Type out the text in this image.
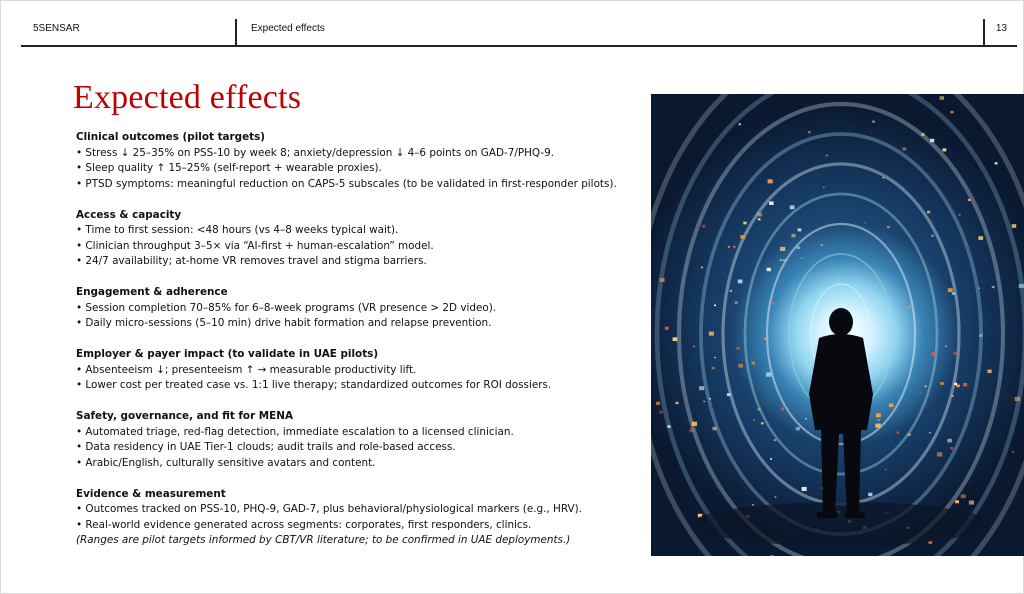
5SENSAR	Expected effects	13
Expected effects
Clinical outcomes (pilot targets)
• Stress ↓ 25–35% on PSS-10 by week 8; anxiety/depression ↓ 4–6 points on GAD-7/PHQ-9.
• Sleep quality ↑ 15–25% (self-report + wearable proxies).
• PTSD symptoms: meaningful reduction on CAPS-5 subscales (to be validated in first-responder pilots).
Access & capacity
• Time to first session: <48 hours (vs 4–8 weeks typical wait).
• Clinician throughput 3–5× via “AI-first + human-escalation” model.
• 24/7 availability; at-home VR removes travel and stigma barriers.
Engagement & adherence
• Session completion 70–85% for 6–8-week programs (VR presence > 2D video).
• Daily micro-sessions (5–10 min) drive habit formation and relapse prevention.
Employer & payer impact (to validate in UAE pilots)
• Absenteeism ↓; presenteeism ↑ → measurable productivity lift.
• Lower cost per treated case vs. 1:1 live therapy; standardized outcomes for ROI dossiers.
Safety, governance, and fit for MENA
• Automated triage, red-flag detection, immediate escalation to a licensed clinician.
• Data residency in UAE Tier-1 clouds; audit trails and role-based access.
• Arabic/English, culturally sensitive avatars and content.
Evidence & measurement
• Outcomes tracked on PSS-10, PHQ-9, GAD-7, plus behavioral/physiological markers (e.g., HRV).
• Real-world evidence generated across segments: corporates, first responders, clinics.
(Ranges are pilot targets informed by CBT/VR literature; to be confirmed in UAE deployments.)
